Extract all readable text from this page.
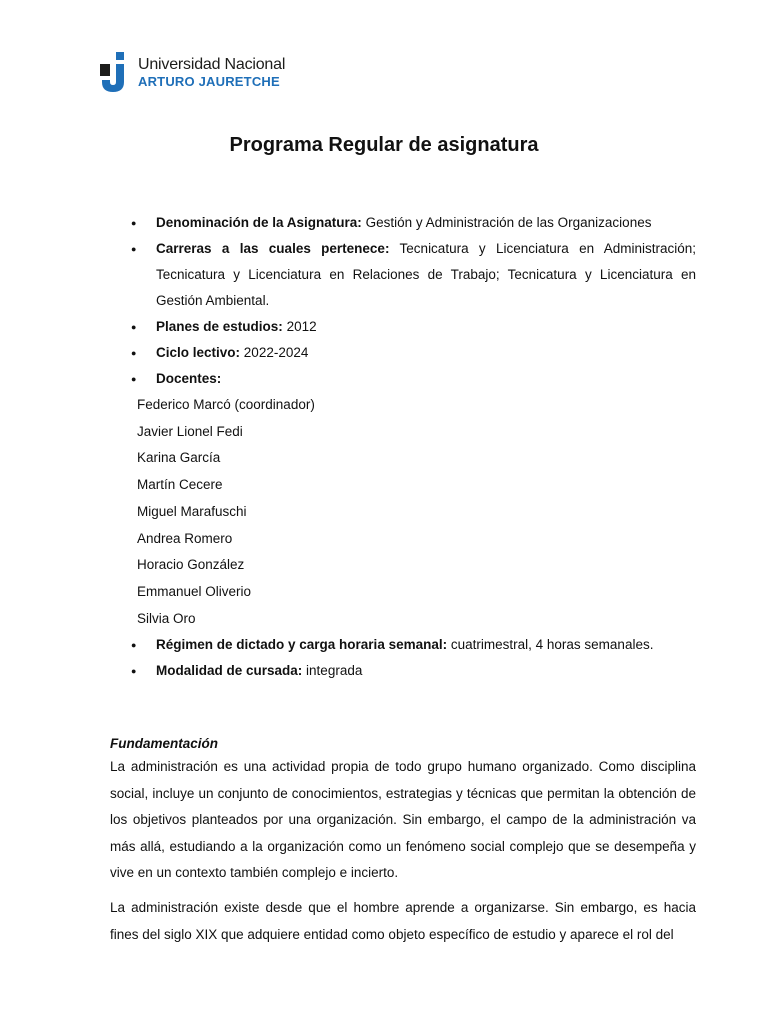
Universidad Nacional
ARTURO JAURETCHE
Programa Regular de asignatura
● Denominación de la Asignatura: Gestión y Administración de las Organizaciones
● Carreras a las cuales pertenece: Tecnicatura y Licenciatura en Administración; Tecnicatura y Licenciatura en Relaciones de Trabajo; Tecnicatura y Licenciatura en Gestión Ambiental.
● Planes de estudios: 2012
● Ciclo lectivo: 2022-2024
● Docentes:
Federico Marcó (coordinador)
Javier Lionel Fedi
Karina García
Martín Cecere
Miguel Marafuschi
Andrea Romero
Horacio González
Emmanuel Oliverio
Silvia Oro
● Régimen de dictado y carga horaria semanal: cuatrimestral, 4 horas semanales.
● Modalidad de cursada: integrada
Fundamentación

La administración es una actividad propia de todo grupo humano organizado. Como disciplina social, incluye un conjunto de conocimientos, estrategias y técnicas que permitan la obtención de los objetivos planteados por una organización. Sin embargo, el campo de la administración va más allá, estudiando a la organización como un fenómeno social complejo que se desempeña y vive en un contexto también complejo e incierto.

La administración existe desde que el hombre aprende a organizarse. Sin embargo, es hacia fines del siglo XIX que adquiere entidad como objeto específico de estudio y aparece el rol del
